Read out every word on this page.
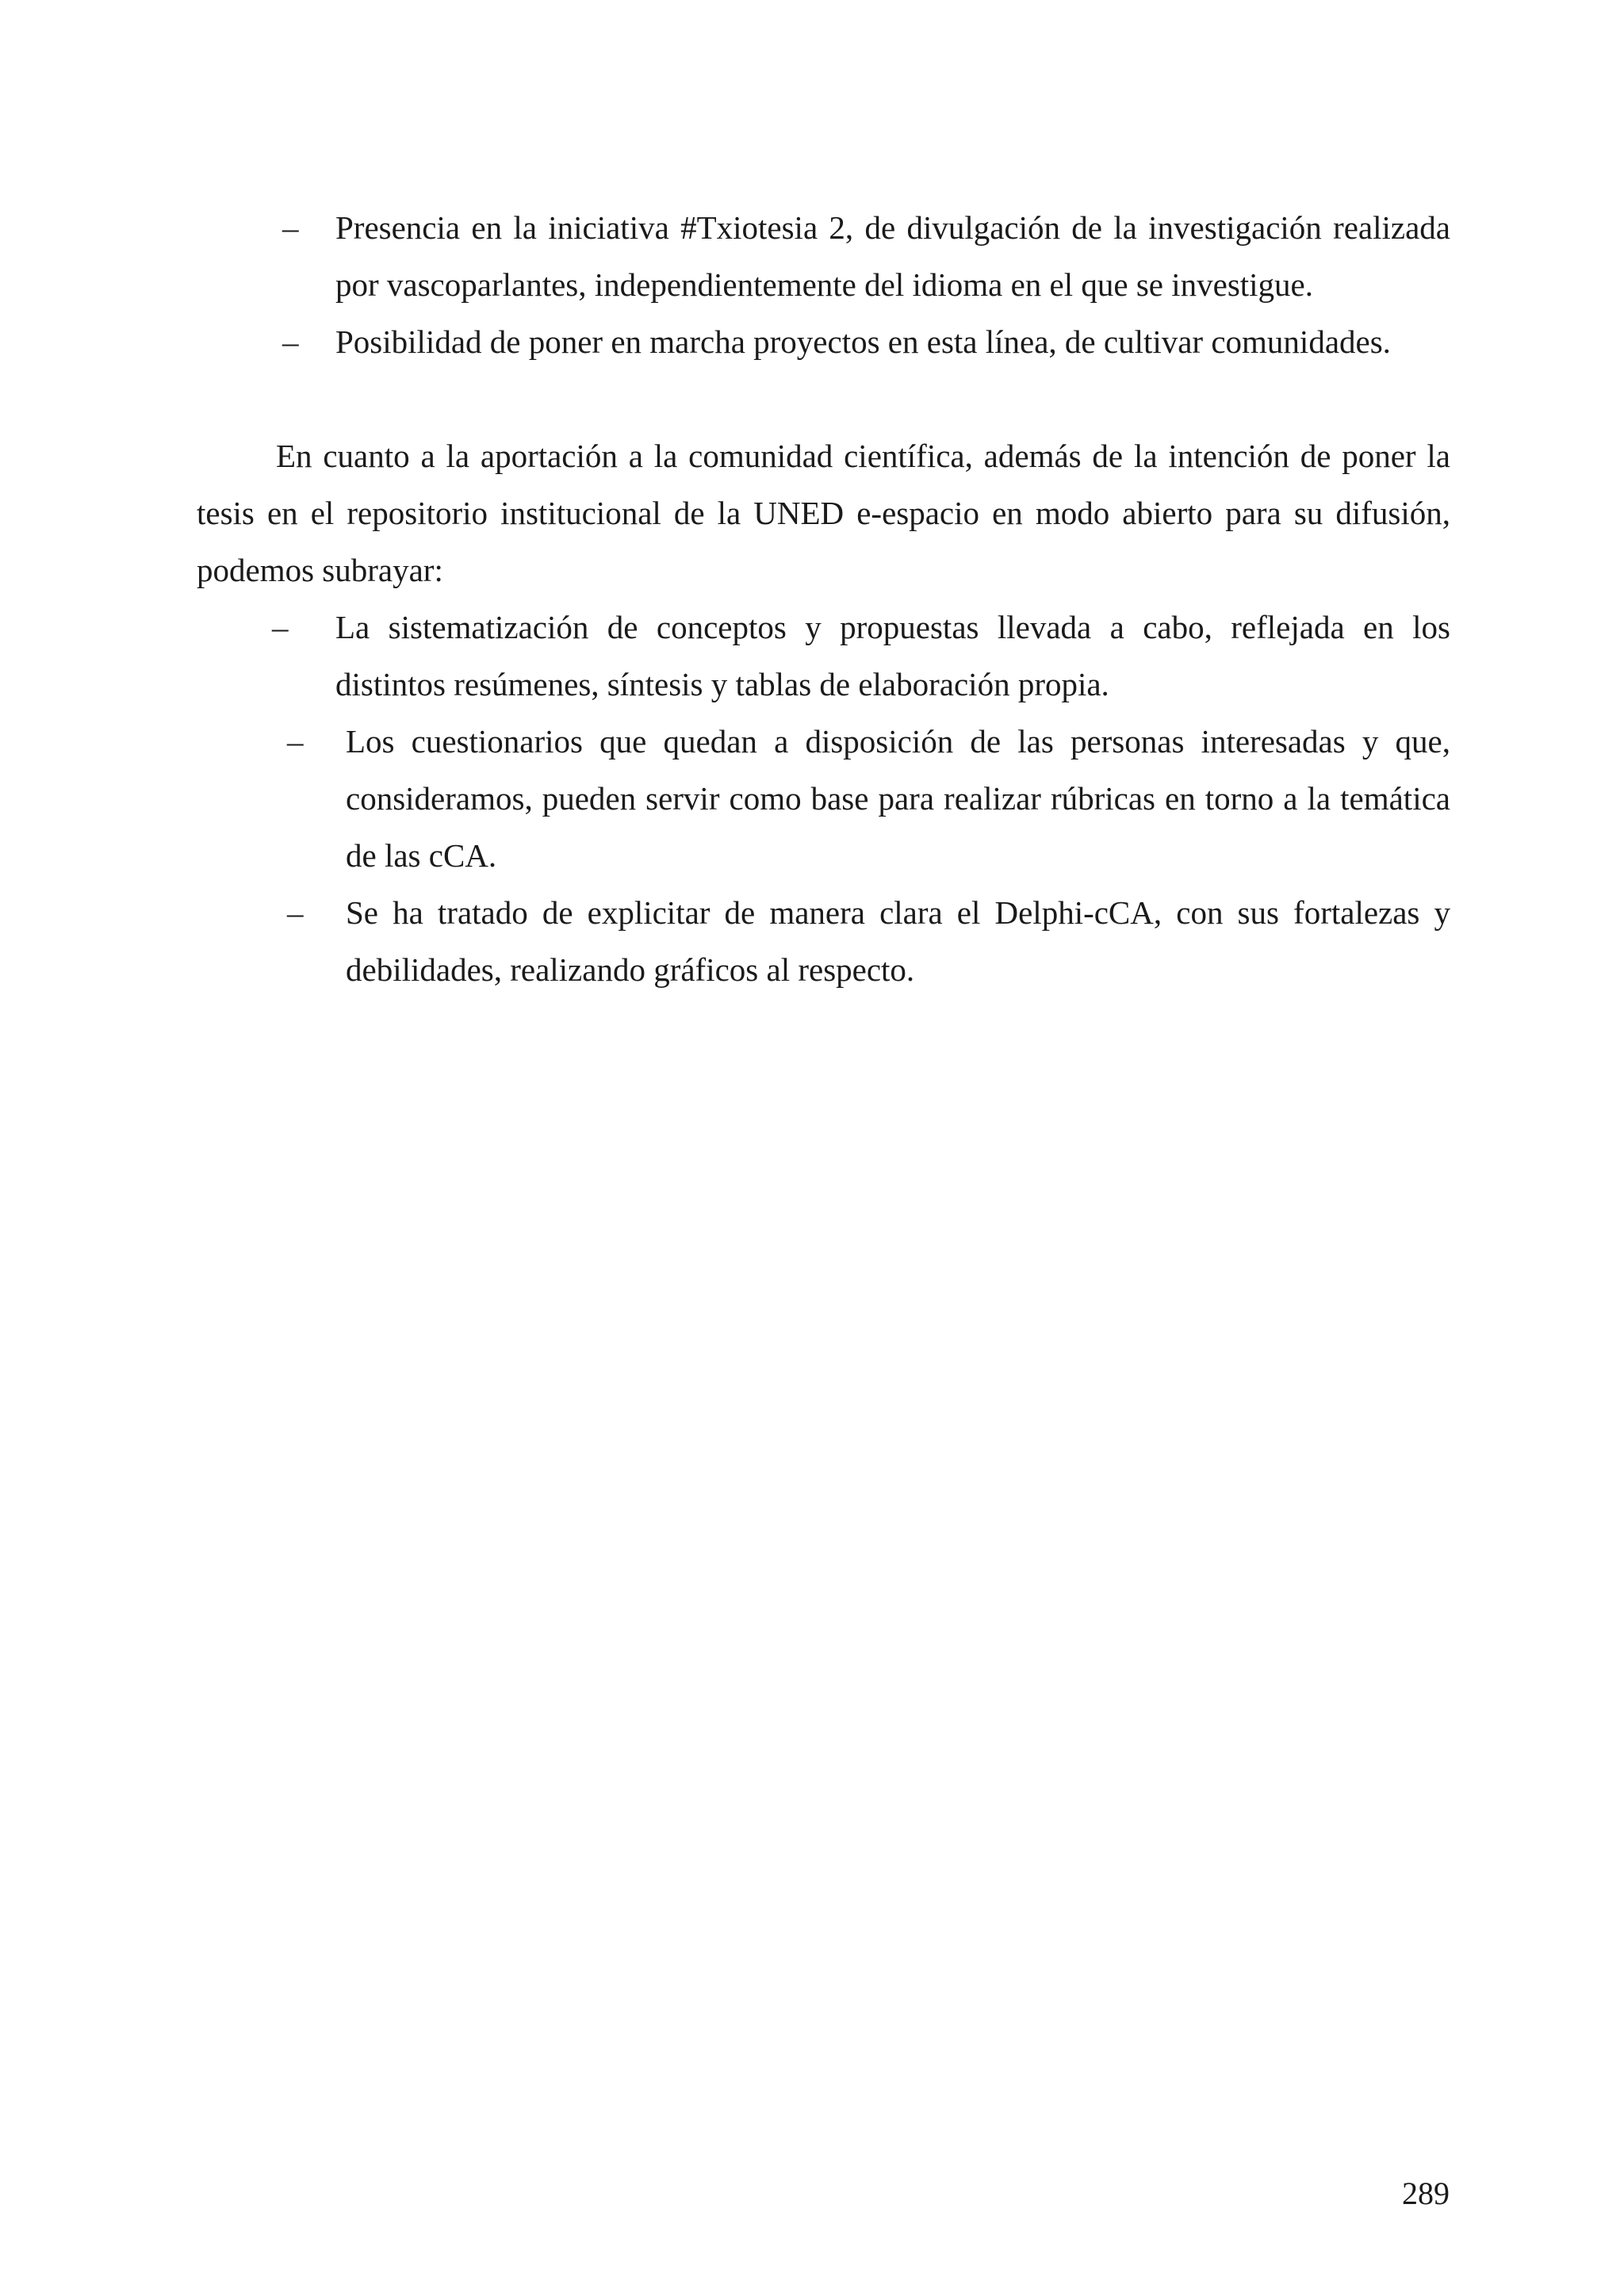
– Presencia en la iniciativa #Txiotesia 2, de divulgación de la investigación realizada
por vascoparlantes, independientemente del idioma en el que se investigue.
– Posibilidad de poner en marcha proyectos en esta línea, de cultivar comunidades.
En cuanto a la aportación a la comunidad científica, además de la intención de poner la
tesis en el repositorio institucional de la UNED e-espacio en modo abierto para su difusión,
podemos subrayar:
– La sistematización de conceptos y propuestas llevada a cabo, reflejada en los
distintos resúmenes, síntesis y tablas de elaboración propia.
– Los cuestionarios que quedan a disposición de las personas interesadas y que,
consideramos, pueden servir como base para realizar rúbricas en torno a la temática
de las cCA.
– Se ha tratado de explicitar de manera clara el Delphi-cCA, con sus fortalezas y
debilidades, realizando gráficos al respecto.
289
